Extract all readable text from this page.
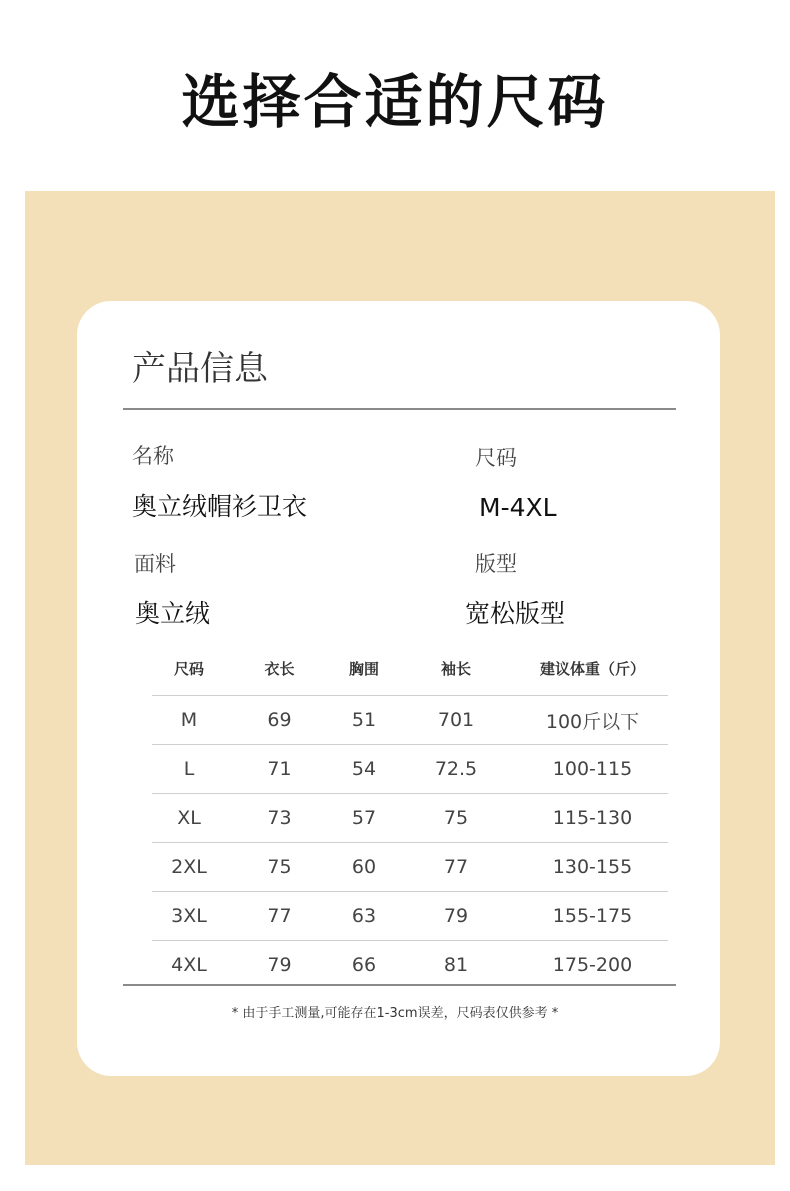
选择合适的尺码
产品信息
名称
奥立绒帽衫卫衣
尺码
M-4XL
面料
奥立绒
版型
宽松版型
尺码	衣长	胸围	袖长	建议体重（斤）
M	69	51	701	100斤以下
L	71	54	72.5	100-115
XL	73	57	75	115-130
2XL	75	60	77	130-155
3XL	77	63	79	155-175
4XL	79	66	81	175-200
* 由于手工测量,可能存在1-3cm误差，尺码表仅供参考 *
